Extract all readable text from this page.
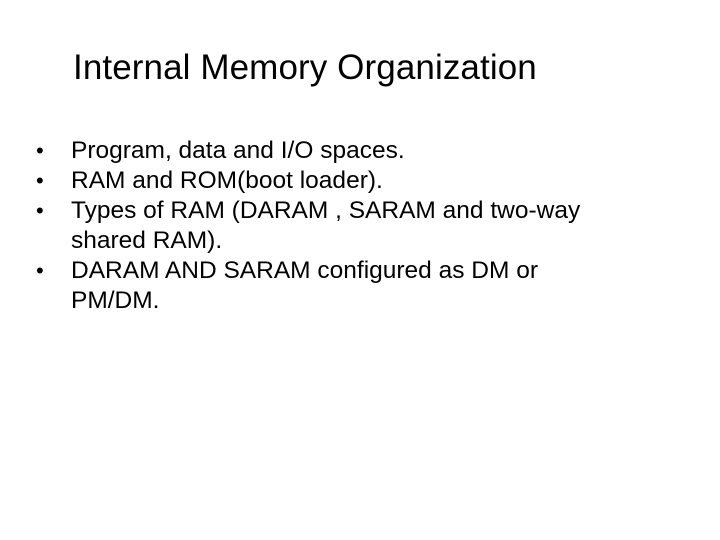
Internal Memory Organization
•	Program, data and I/O spaces.
•	RAM and ROM(boot loader).
•	Types of RAM (DARAM , SARAM and two-way
shared RAM).
•	DARAM AND SARAM configured as DM or
PM/DM.
